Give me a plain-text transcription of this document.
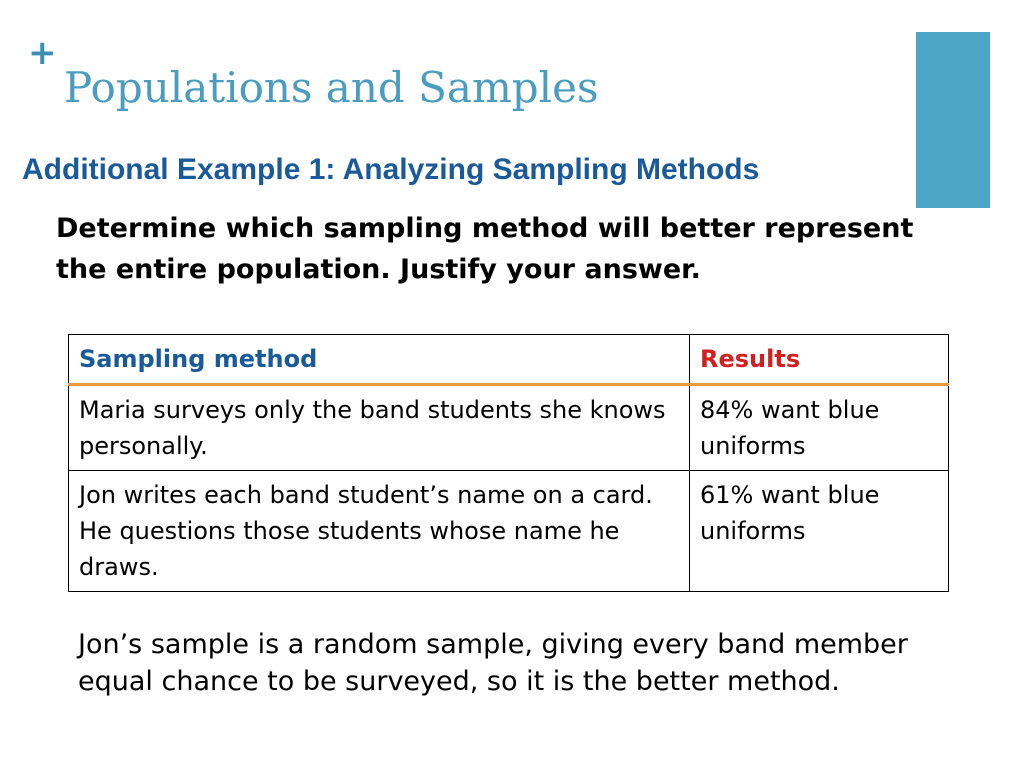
+
Populations and Samples
Additional Example 1: Analyzing Sampling Methods
Determine which sampling method will better represent the entire population. Justify your answer.
Sampling method	Results
Maria surveys only the band students she knows personally.	84% want blue uniforms
Jon writes each band student’s name on a card. He questions those students whose name he draws.	61% want blue uniforms
Jon’s sample is a random sample, giving every band member equal chance to be surveyed, so it is the better method.
